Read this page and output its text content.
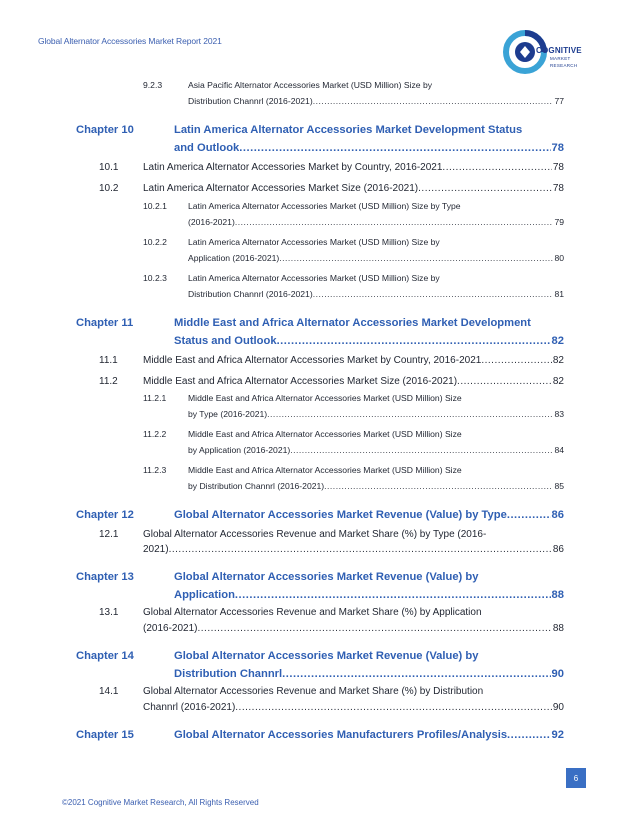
Global Alternator Accessories Market Report 2021
COGNITIVE
MARKET
RESEARCH
9.2.3	Asia Pacific Alternator Accessories Market (USD Million) Size by
Distribution Channrl (2016-2021) .....	77
Chapter 10	Latin America Alternator Accessories Market Development Status
and Outlook .....	78
10.1 Latin America Alternator Accessories Market by Country, 2016-2021 .....	78
10.2 Latin America Alternator Accessories Market Size (2016-2021) .....	78
10.2.1 Latin America Alternator Accessories Market (USD Million) Size by Type
(2016-2021) .....	79
10.2.2 Latin America Alternator Accessories Market (USD Million) Size by
Application (2016-2021) .....	80
10.2.3 Latin America Alternator Accessories Market (USD Million) Size by
Distribution Channrl (2016-2021) .....	81
Chapter 11	Middle East and Africa Alternator Accessories Market Development
Status and Outlook .....	82
11.1	Middle East and Africa Alternator Accessories Market by Country, 2016-2021 .....	82
11.2	Middle East and Africa Alternator Accessories Market Size (2016-2021) .....	82
11.2.1	Middle East and Africa Alternator Accessories Market (USD Million) Size
by Type (2016-2021) .....	83
11.2.2	Middle East and Africa Alternator Accessories Market (USD Million) Size
by Application (2016-2021) .....	84
11.2.3	Middle East and Africa Alternator Accessories Market (USD Million) Size
by Distribution Channrl (2016-2021) .....	85
Chapter 12	Global Alternator Accessories Market Revenue (Value) by Type .....	86
12.1 Global Alternator Accessories Revenue and Market Share (%) by Type (2016-
2021) .....	86
Chapter 13	Global Alternator Accessories Market Revenue (Value) by
Application .....	88
13.1 Global Alternator Accessories Revenue and Market Share (%) by Application
(2016-2021) .....	88
Chapter 14	Global Alternator Accessories Market Revenue (Value) by
Distribution Channrl .....	90
14.1 Global Alternator Accessories Revenue and Market Share (%) by Distribution
Channrl (2016-2021) .....	90
Chapter 15	Global Alternator Accessories Manufacturers Profiles/Analysis .....	92
6
©2021 Cognitive Market Research, All Rights Reserved
